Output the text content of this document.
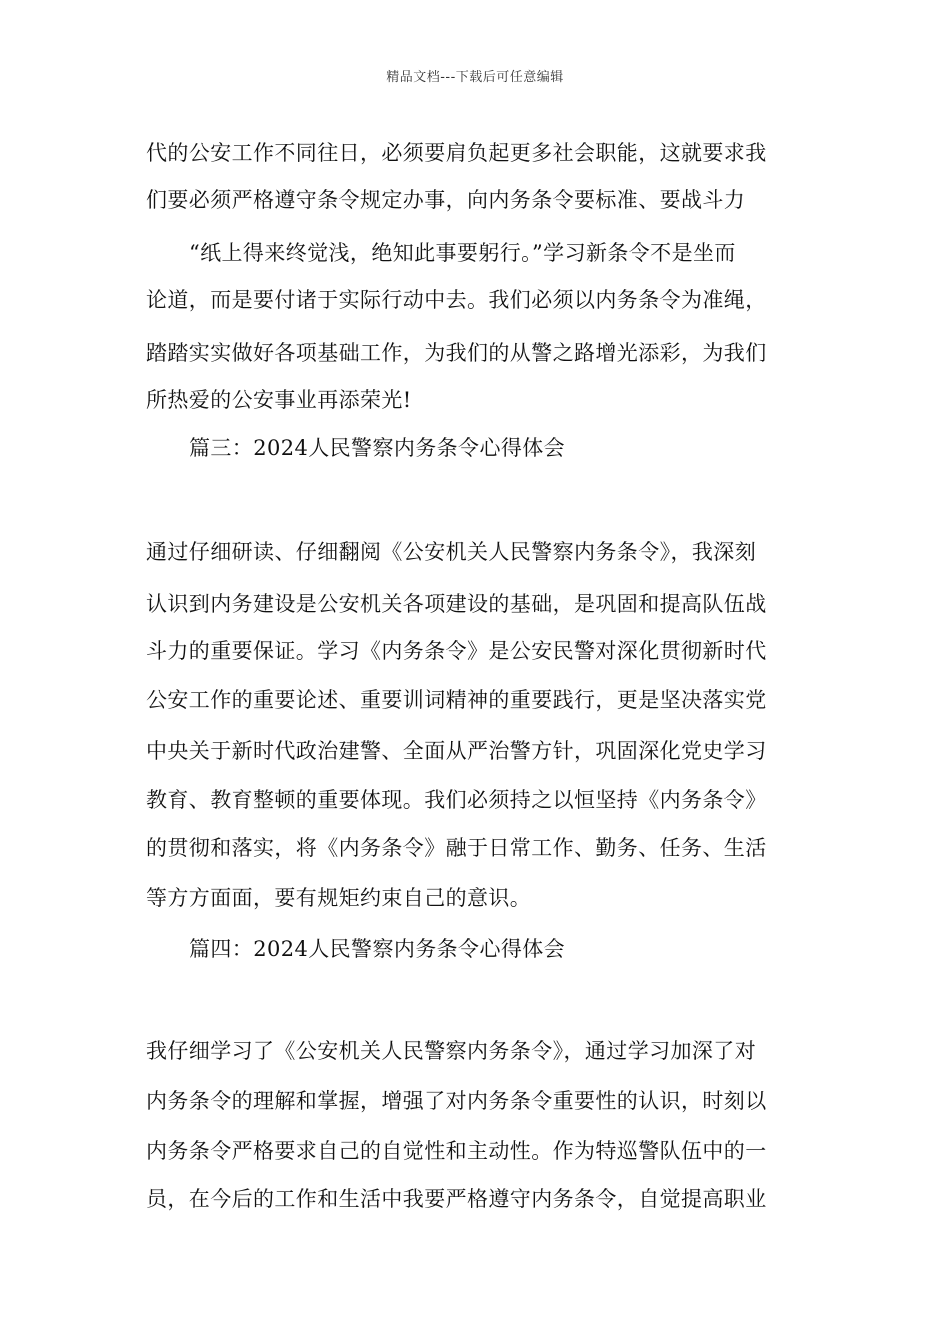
精品文档---下载后可任意编辑
代的公安工作不同往日，必须要肩负起更多社会职能，这就要求我
们要必须严格遵守条令规定办事，向内务条令要标准、要战斗力
“纸上得来终觉浅，绝知此事要躬行。”学习新条令不是坐而
论道，而是要付诸于实际行动中去。我们必须以内务条令为准绳，
踏踏实实做好各项基础工作，为我们的从警之路增光添彩，为我们
所热爱的公安事业再添荣光!
篇三：2024人民警察内务条令心得体会
通过仔细研读、仔细翻阅《公安机关人民警察内务条令》，我深刻
认识到内务建设是公安机关各项建设的基础，是巩固和提高队伍战
斗力的重要保证。学习《内务条令》是公安民警对深化贯彻新时代
公安工作的重要论述、重要训词精神的重要践行，更是坚决落实党
中央关于新时代政治建警、全面从严治警方针，巩固深化党史学习
教育、教育整顿的重要体现。我们必须持之以恒坚持《内务条令》
的贯彻和落实，将《内务条令》融于日常工作、勤务、任务、生活
等方方面面，要有规矩约束自己的意识。
篇四：2024人民警察内务条令心得体会
我仔细学习了《公安机关人民警察内务条令》，通过学习加深了对
内务条令的理解和掌握，增强了对内务条令重要性的认识，时刻以
内务条令严格要求自己的自觉性和主动性。作为特巡警队伍中的一
员，在今后的工作和生活中我要严格遵守内务条令，自觉提高职业
